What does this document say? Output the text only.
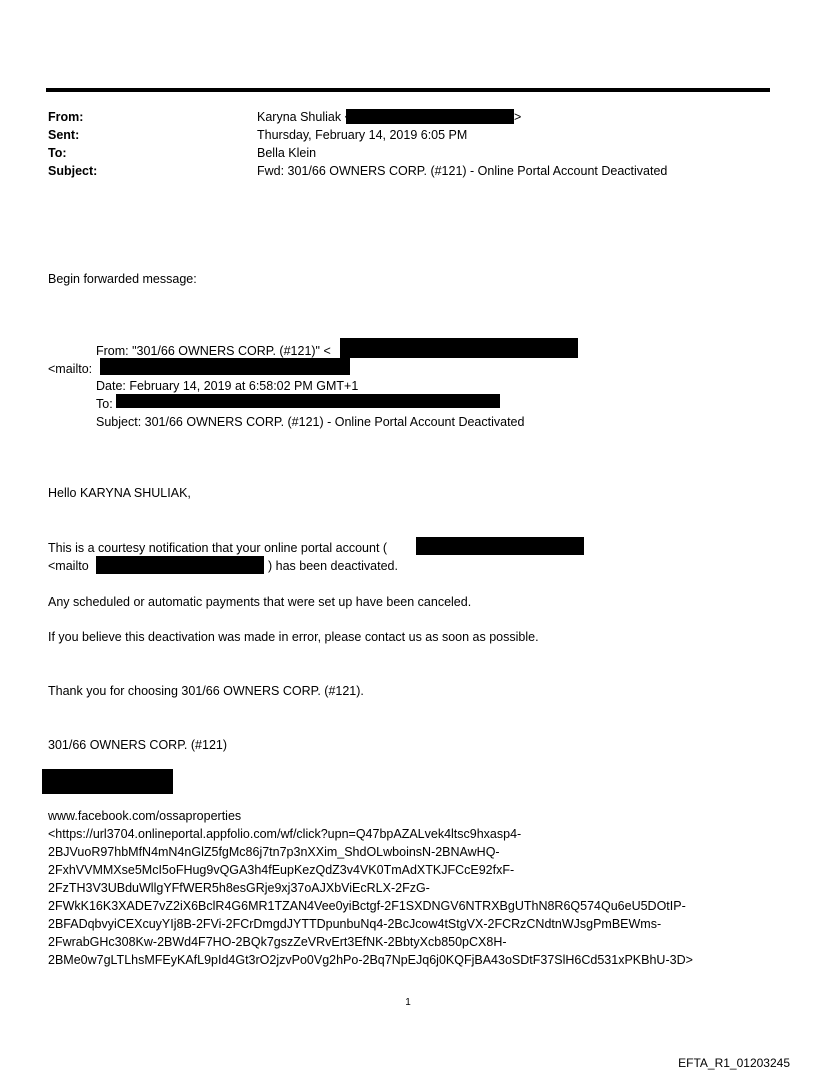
From:	Karyna Shuliak	>
Sent:	Thursday, February 14, 2019 6:05 PM
To:	Bella Klein
Subject:	Fwd: 301/66 OWNERS CORP. (#121) - Online Portal Account Deactivated
Begin forwarded message:
From: "301/66 OWNERS CORP. (#121)" <
<mailto:
Date: February 14, 2019 at 6:58:02 PM GMT+1
To:
Subject: 301/66 OWNERS CORP. (#121) - Online Portal Account Deactivated
Hello KARYNA SHULIAK,
This is a courtesy notification that your online portal account (
<mailto	) has been deactivated.
Any scheduled or automatic payments that were set up have been canceled.
If you believe this deactivation was made in error, please contact us as soon as possible.
Thank you for choosing 301/66 OWNERS CORP. (#121).
301/66 OWNERS CORP. (#121)
www.facebook.com/ossaproperties
<https://url3704.onlineportal.appfolio.com/wf/click?upn=Q47bpAZALvek4ltsc9hxasp4-
2BJVuoR97hbMfN4mN4nGlZ5fgMc86j7tn7p3nXXim_ShdOLwboinsN-2BNAwHQ-
2FxhVVMMXse5McI5oFHug9vQGA3h4fEupKezQdZ3v4VK0TmAdXTKJFCcE92fxF-
2FzTH3V3UBduWllgYFfWER5h8esGRje9xj37oAJXbViEcRLX-2FzG-
2FWkK16K3XADE7vZ2iX6BclR4G6MR1TZAN4Vee0yiBctgf-2F1SXDNGV6NTRXBgUThN8R6Q574Qu6eU5DOtIP-
2BFADqbvyiCEXcuyYIj8B-2FVi-2FCrDmgdJYTTDpunbuNq4-2BcJcow4tStgVX-2FCRzCNdtnWJsgPmBEWms-
2FwrabGHc308Kw-2BWd4F7HO-2BQk7gszZeVRvErt3EfNK-2BbtyXcb850pCX8H-
2BMe0w7gLTLhsMFEyKAfL9pId4Gt3rO2jzvPo0Vg2hPo-2Bq7NpEJq6j0KQFjBA43oSDtF37SlH6Cd531xPKBhU-3D>
1
EFTA_R1_01203245
